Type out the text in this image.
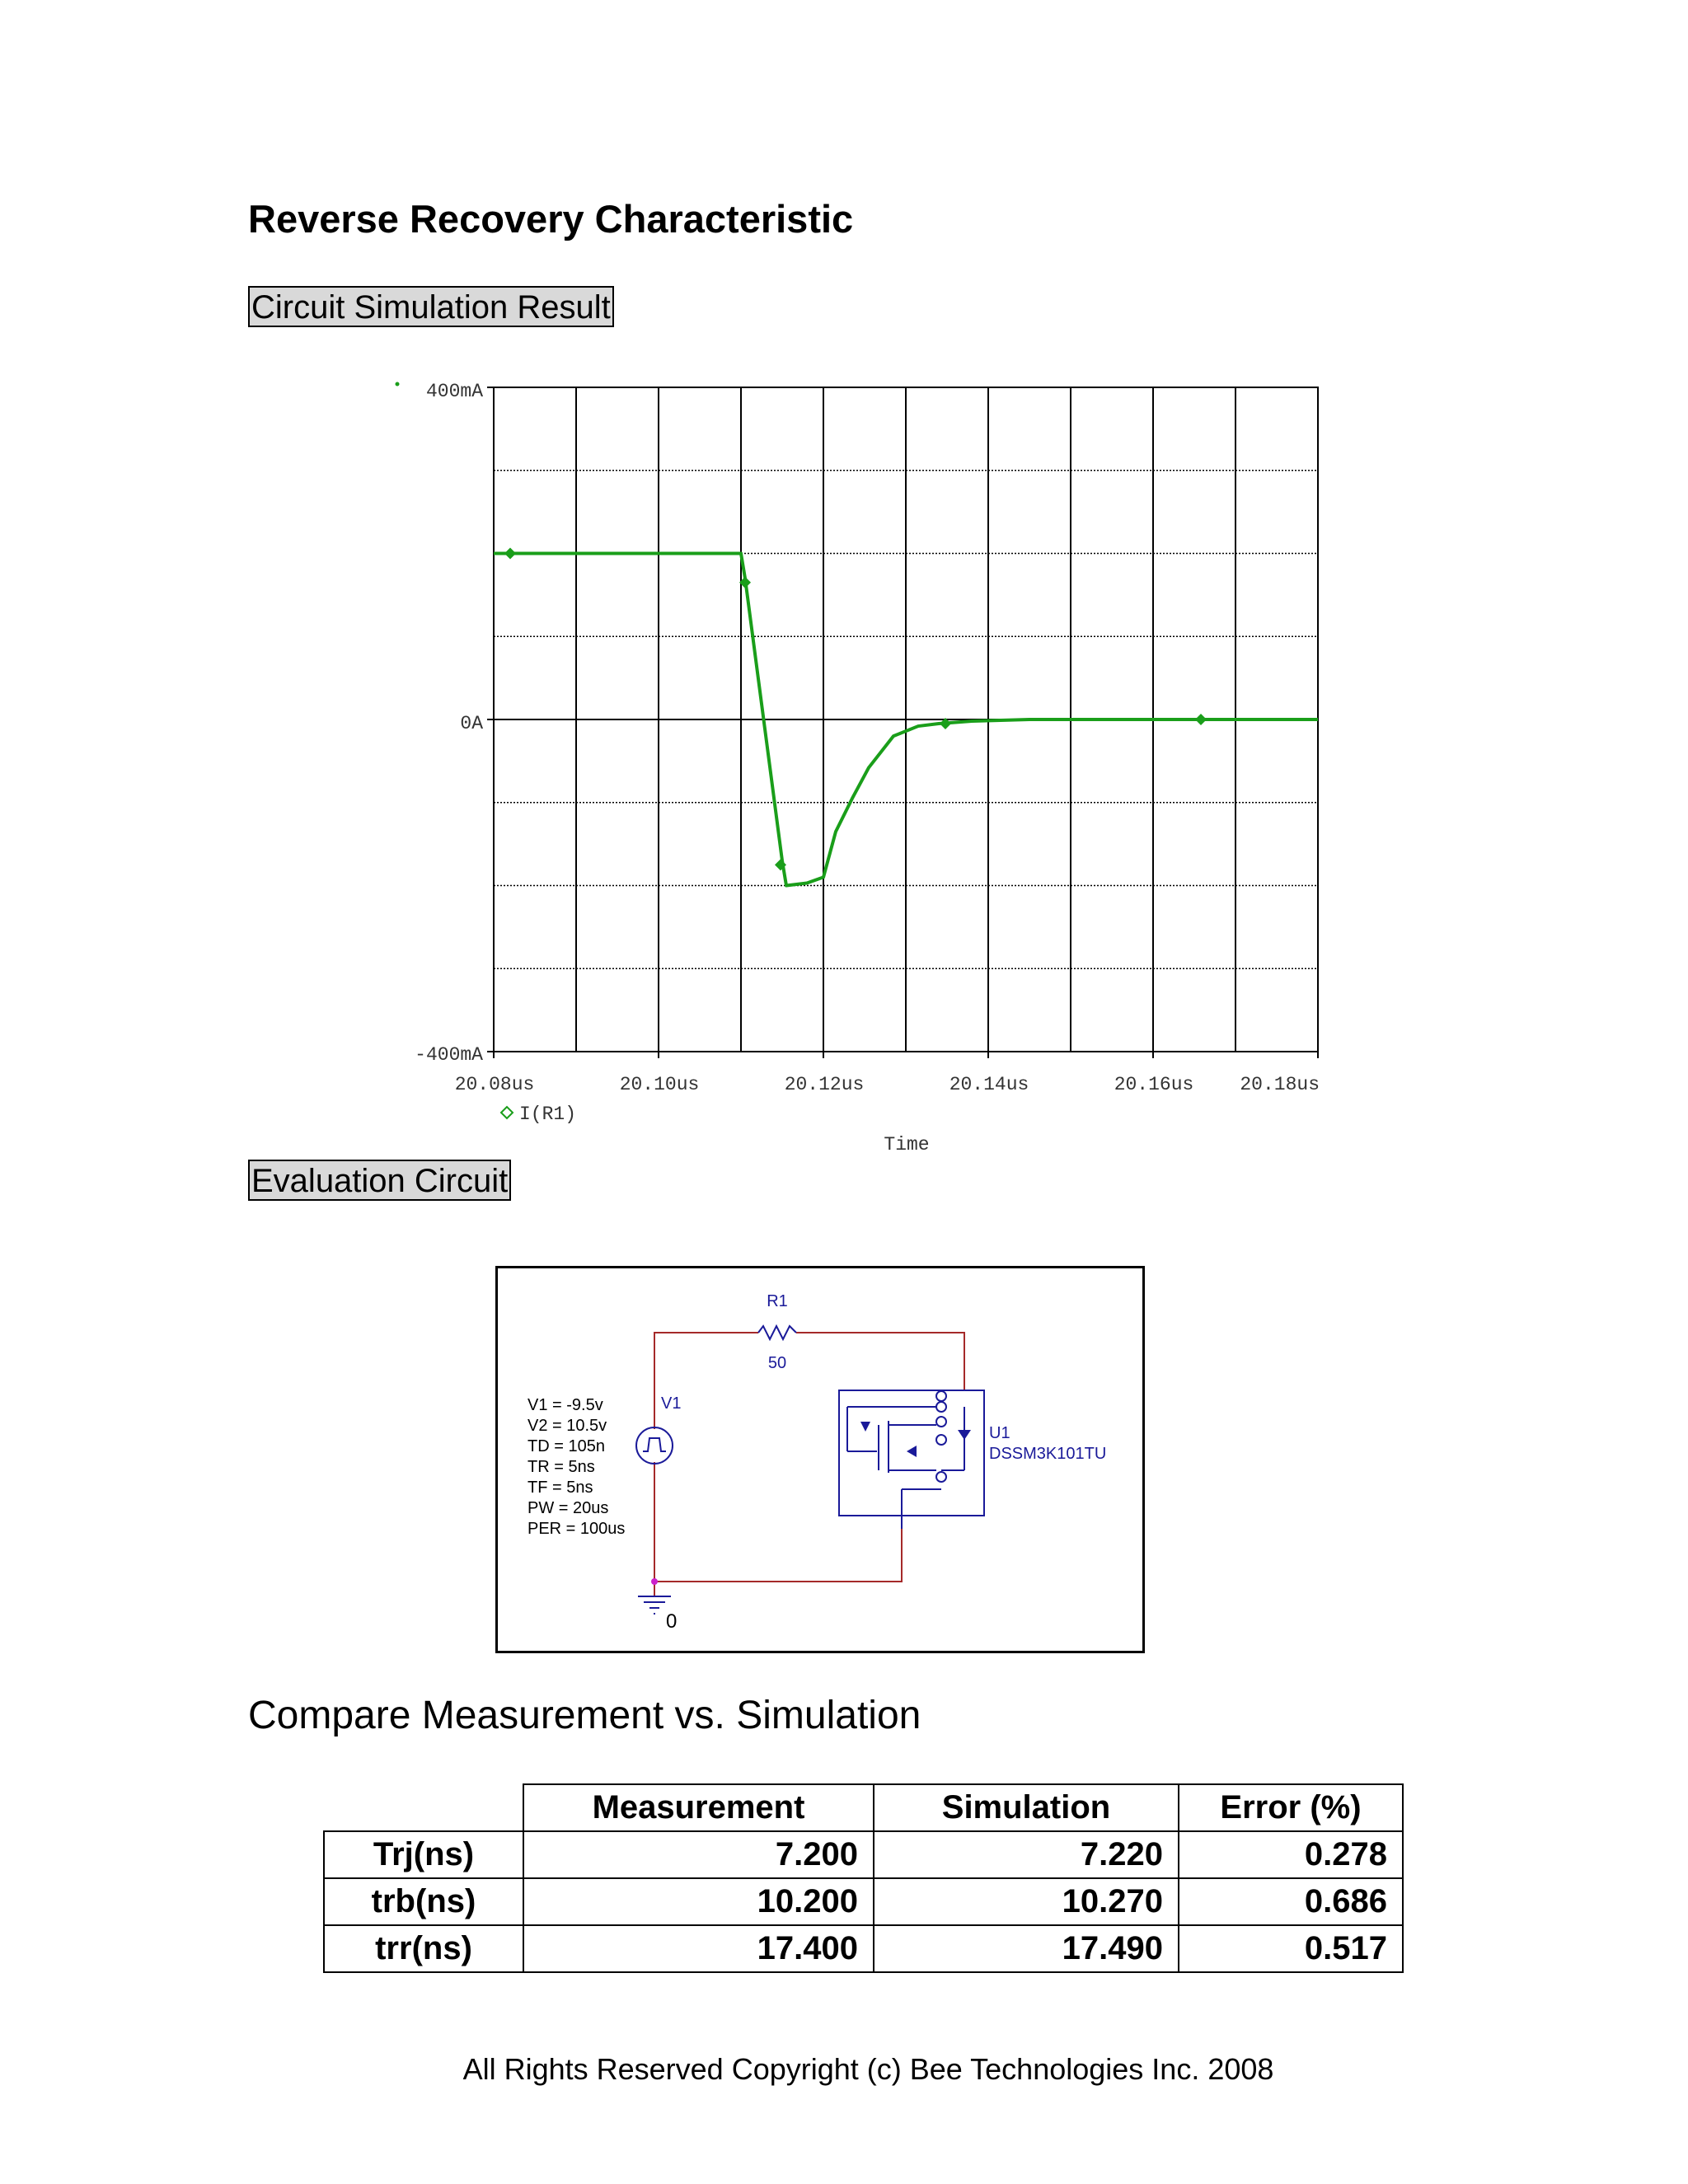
Reverse Recovery Characteristic
Circuit Simulation Result
400mA
0A
-400mA
20.08us	20.10us	20.12us	20.14us	20.16us 20.18us
I(R1)
Time
Evaluation Circuit
R1
50
V1
V1 = -9.5v
V2 = 10.5v
TD = 105n
TR = 5ns
TF = 5ns
PW = 20us
PER = 100us
0
U1
DSSM3K101TU
Compare Measurement vs. Simulation
	Measurement	Simulation	Error (%)
Trj(ns)	7.200	7.220	0.278
trb(ns)	10.200	10.270	0.686
trr(ns)	17.400	17.490	0.517
All Rights Reserved Copyright (c) Bee Technologies Inc. 2008
